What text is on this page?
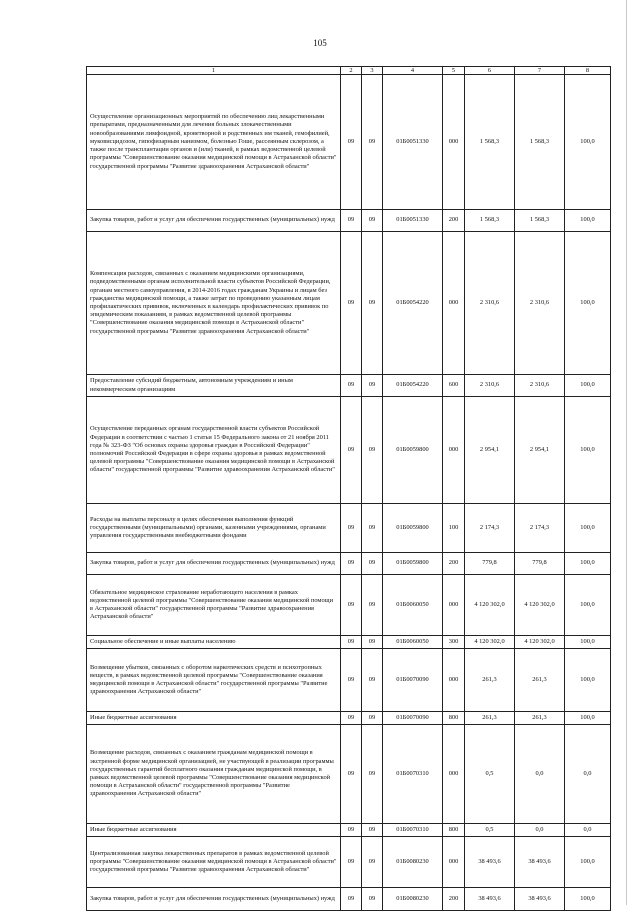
105
1	2	3	4	5	6	7	8
Осуществление организационных мероприятий по обеспечению лиц лекарственными препаратами, предназначенными для лечения больных злокачественными новообразованиями лимфоидной, кроветворной и родственных им тканей, гемофилией, муковисцидозом, гипофизарным нанизмом, болезнью Гоше, рассеянным склерозом, а также после трансплантации органов и (или) тканей, в рамках ведомственной целевой программы "Совершенствование оказания медицинской помощи в Астраханской области" государственной программы "Развитие здравоохранения Астраханской области"	09	09	01Б0051330	000	1 568,3	1 568,3	100,0
Закупка товаров, работ и услуг для обеспечения государственных (муниципальных) нужд	09	09	01Б0051330	200	1 568,3	1 568,3	100,0
Компенсация расходов, связанных с оказанием медицинскими организациями, подведомственными органам исполнительной власти субъектов Российской Федерации, органам местного самоуправления, в 2014-2016 годах гражданам Украины и лицам без гражданства медицинской помощи, а также затрат по проведению указанным лицам профилактических прививок, включенных в календарь профилактических прививок по эпидемическим показаниям, в рамках ведомственной целевой программы "Совершенствование оказания медицинской помощи в Астраханской области" государственной программы "Развитие здравоохранения Астраханской области"	09	09	01Б0054220	000	2 310,6	2 310,6	100,0
Предоставление субсидий бюджетным, автономным учреждениям и иным некоммерческим организациям	09	09	01Б0054220	600	2 310,6	2 310,6	100,0
Осуществление переданных органам государственной власти субъектов Российской Федерации в соответствии с частью 1 статьи 15 Федерального закона от 21 ноября 2011 года № 323-ФЗ "Об основах охраны здоровья граждан в Российской Федерации" полномочий Российской Федерации в сфере охраны здоровья в рамках ведомственной целевой программы "Совершенствование оказания медицинской помощи в Астраханской области" государственной программы "Развитие здравоохранения Астраханской области"	09	09	01Б0059800	000	2 954,1	2 954,1	100,0
Расходы на выплаты персоналу в целях обеспечения выполнения функций государственными (муниципальными) органами, казенными учреждениями, органами управления государственными внебюджетными фондами	09	09	01Б0059800	100	2 174,3	2 174,3	100,0
Закупка товаров, работ и услуг для обеспечения государственных (муниципальных) нужд	09	09	01Б0059800	200	779,8	779,8	100,0
Обязательное медицинское страхование неработающего населения в рамках ведомственной целевой программы "Совершенствование оказания медицинской помощи в Астраханской области" государственной программы "Развитие здравоохранения Астраханской области"	09	09	01Б0060050	000	4 120 302,0	4 120 302,0	100,0
Социальное обеспечение и иные выплаты населению	09	09	01Б0060050	300	4 120 302,0	4 120 302,0	100,0
Возмещение убытков, связанных с оборотом наркотических средств и психотропных веществ, в рамках ведомственной целевой программы "Совершенствование оказания медицинской помощи в Астраханской области" государственной программы "Развитие здравоохранения Астраханской области"	09	09	01Б0070090	000	261,3	261,3	100,0
Иные бюджетные ассигнования	09	09	01Б0070090	800	261,3	261,3	100,0
Возмещение расходов, связанных с оказанием гражданам медицинской помощи в экстренной форме медицинской организацией, не участвующей в реализации программы государственных гарантий бесплатного оказания гражданам медицинской помощи, в рамках ведомственной целевой программы "Совершенствование оказания медицинской помощи в Астраханской области" государственной программы "Развитие здравоохранения Астраханской области"	09	09	01Б0070310	000	0,5	0,0	0,0
Иные бюджетные ассигнования	09	09	01Б0070310	800	0,5	0,0	0,0
Централизованная закупка лекарственных препаратов в рамках ведомственной целевой программы "Совершенствование оказания медицинской помощи в Астраханской области" государственной программы "Развитие здравоохранения Астраханской области"	09	09	01Б0080230	000	38 493,6	38 493,6	100,0
Закупка товаров, работ и услуг для обеспечения государственных (муниципальных) нужд	09	09	01Б0080230	200	38 493,6	38 493,6	100,0
